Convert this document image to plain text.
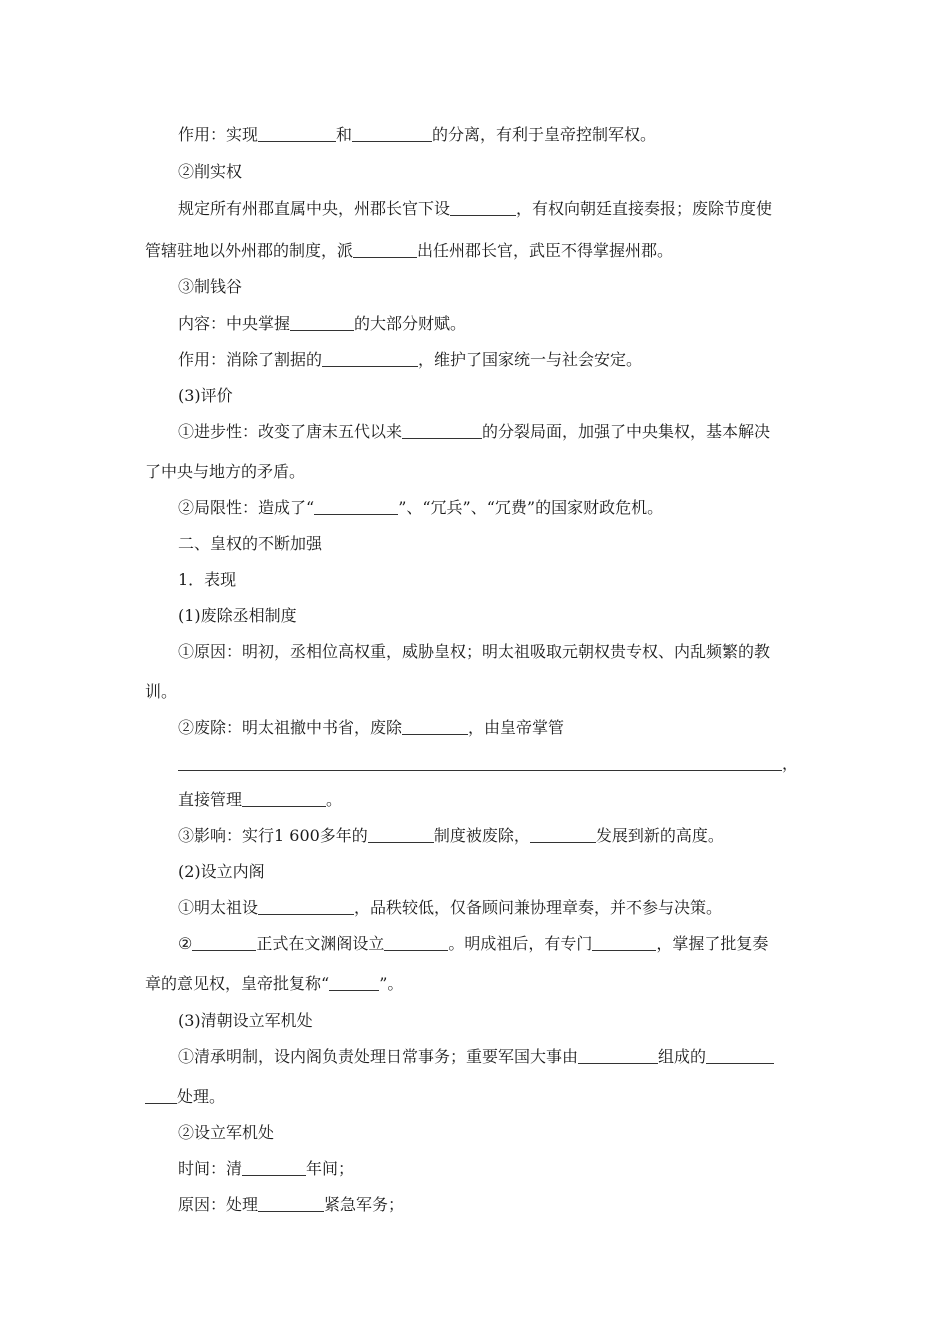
作用：实现	和	的分离，有利于皇帝控制军权。
②削实权
规定所有州郡直属中央，州郡长官下设	，有权向朝廷直接奏报；废除节度使
管辖驻地以外州郡的制度，派	出任州郡长官，武臣不得掌握州郡。
③制钱谷
内容：中央掌握	的大部分财赋。
作用：消除了割据的	，维护了国家统一与社会安定。
(3)评价
①进步性：改变了唐末五代以来	的分裂局面，加强了中央集权，基本解决
了中央与地方的矛盾。
②局限性：造成了“	”、“冗兵”、“冗费”的国家财政危机。
二、皇权的不断加强
1．表现
(1)废除丞相制度
①原因：明初，丞相位高权重，威胁皇权；明太祖吸取元朝权贵专权、内乱频繁的教
训。
②废除：明太祖撤中书省，废除	，由皇帝掌管
，
直接管理	。
③影响：实行1 600多年的	制度被废除，	发展到新的高度。
(2)设立内阁
①明太祖设	，品秩较低，仅备顾问兼协理章奏，并不参与决策。
②	正式在文渊阁设立	。明成祖后，有专门	，掌握了批复奏
章的意见权，皇帝批复称“	”。
(3)清朝设立军机处
①清承明制，设内阁负责处理日常事务；重要军国大事由	组成的
处理。
②设立军机处
时间：清	年间；
原因：处理	紧急军务；
